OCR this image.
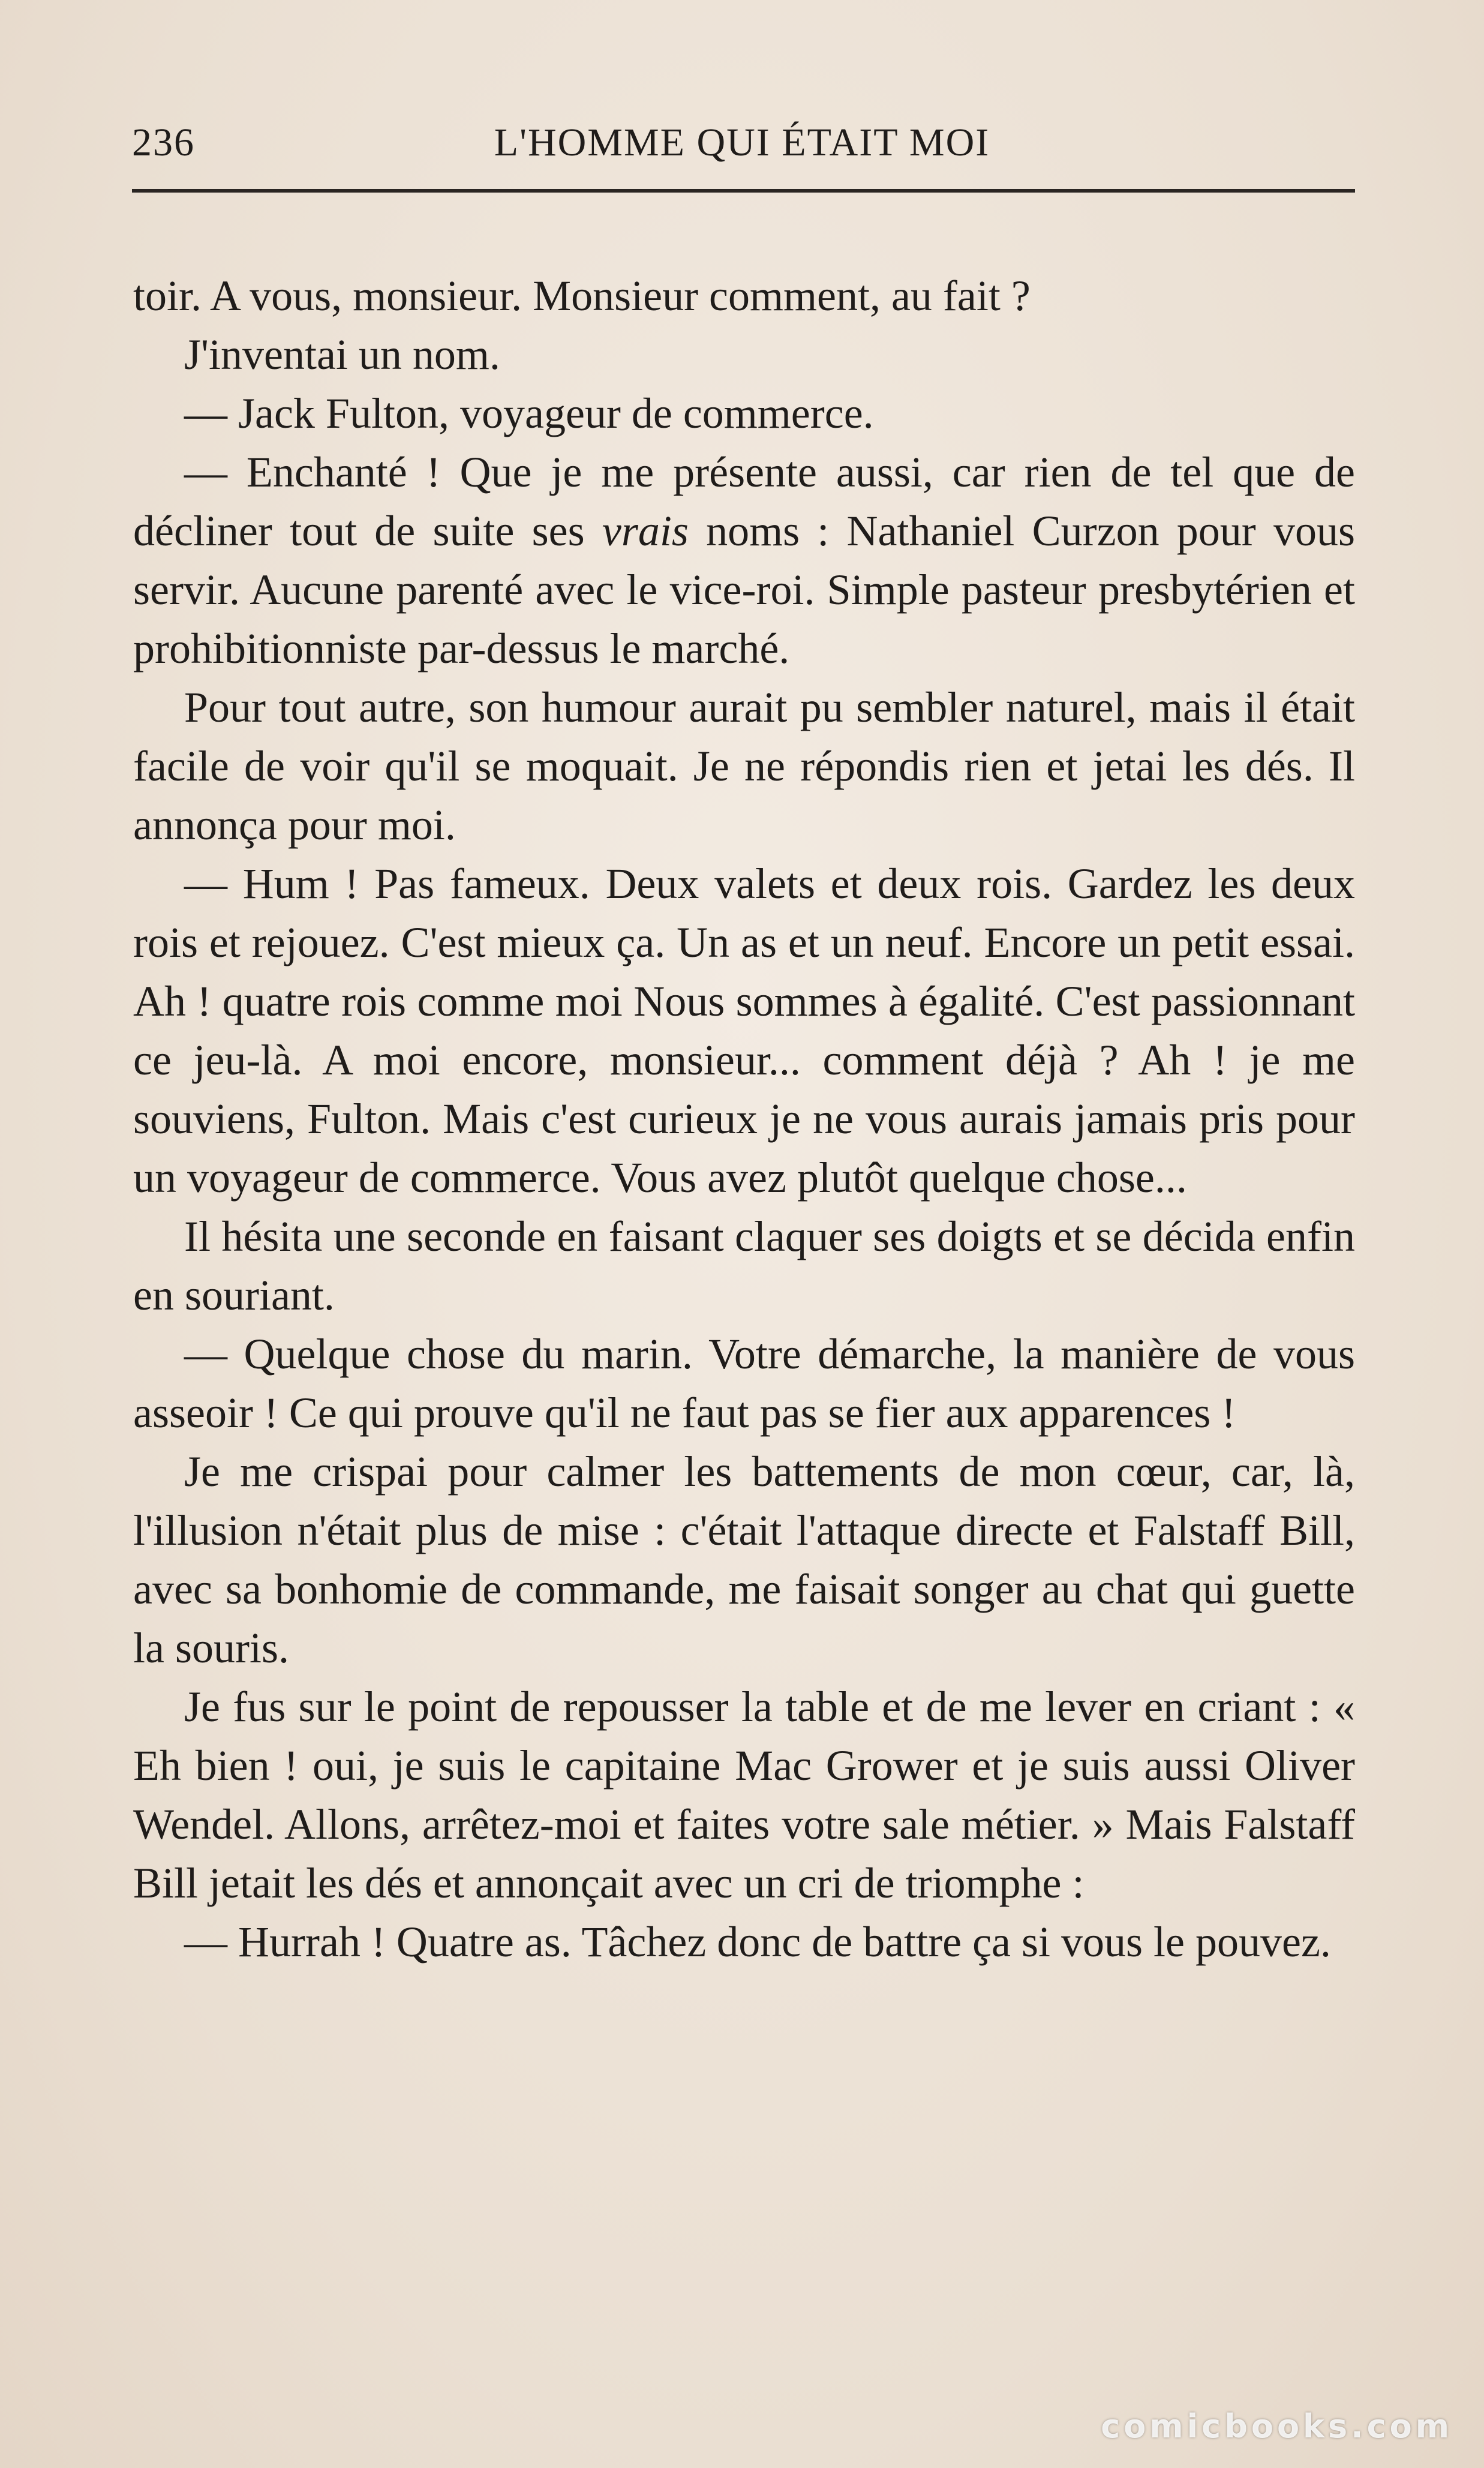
236	L'HOMME QUI ÉTAIT MOI

toir. A vous, monsieur. Monsieur comment, au fait ?

J'inventai un nom.

— Jack Fulton, voyageur de commerce.

— Enchanté ! Que je me présente aussi, car rien de tel que de décliner tout de suite ses vrais noms : Nathaniel Curzon pour vous servir. Aucune parenté avec le vice-roi. Simple pasteur presbytérien et prohibitionniste par-dessus le marché.

Pour tout autre, son humour aurait pu sembler naturel, mais il était facile de voir qu'il se moquait. Je ne répondis rien et jetai les dés. Il annonça pour moi.

— Hum ! Pas fameux. Deux valets et deux rois. Gardez les deux rois et rejouez. C'est mieux ça. Un as et un neuf. Encore un petit essai. Ah ! quatre rois comme moi Nous sommes à égalité. C'est passionnant ce jeu-là. A moi encore, monsieur... comment déjà ? Ah ! je me souviens, Fulton. Mais c'est curieux je ne vous aurais jamais pris pour un voyageur de commerce. Vous avez plutôt quelque chose...

Il hésita une seconde en faisant claquer ses doigts et se décida enfin en souriant.

— Quelque chose du marin. Votre démarche, la manière de vous asseoir ! Ce qui prouve qu'il ne faut pas se fier aux apparences !

Je me crispai pour calmer les battements de mon cœur, car, là, l'illusion n'était plus de mise : c'était l'attaque directe et Falstaff Bill, avec sa bonhomie de commande, me faisait songer au chat qui guette la souris.

Je fus sur le point de repousser la table et de me lever en criant : « Eh bien ! oui, je suis le capitaine Mac Grower et je suis aussi Oliver Wendel. Allons, arrêtez-moi et faites votre sale métier. » Mais Falstaff Bill jetait les dés et annonçait avec un cri de triomphe :

— Hurrah ! Quatre as. Tâchez donc de battre ça si vous le pouvez.

comicbooks.com
